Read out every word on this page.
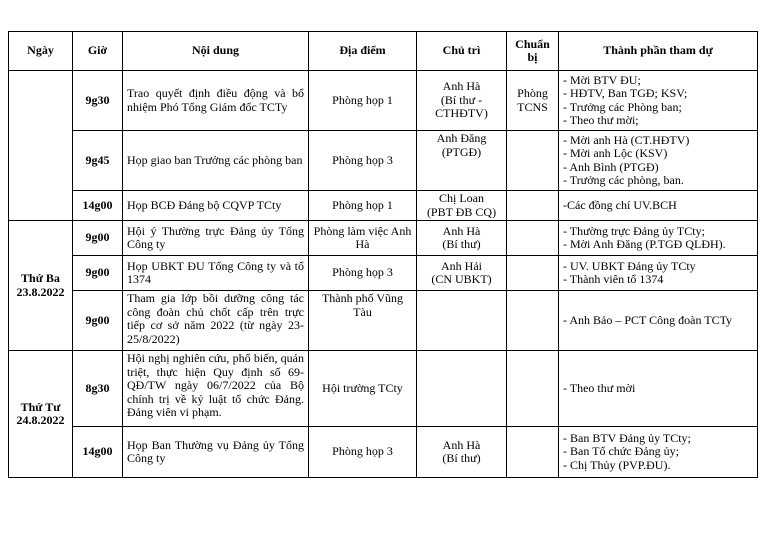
Ngày	Giờ	Nội dung	Địa điểm	Chủ trì	Chuẩn bị	Thành phần tham dự

	9g30	Trao quyết định điều động và bổ nhiệm Phó Tổng Giám đốc TCTy	Phòng họp 1	Anh Hà
(Bí thư -
CTHĐTV)	Phòng
TCNS	- Mời BTV ĐU;
- HĐTV, Ban TGĐ; KSV;
- Trưởng các Phòng ban;
- Theo thư mời;

	9g45	Họp giao ban Trưởng các phòng ban	Phòng họp 3	Anh Đăng
(PTGĐ)		- Mời anh Hà (CT.HĐTV)
- Mời anh Lộc (KSV)
- Anh Bình (PTGĐ)
- Trưởng các phòng, ban.

	14g00	Họp BCĐ Đảng bộ CQVP TCty	Phòng họp 1	Chị Loan
(PBT ĐB CQ)		-Các đồng chí UV.BCH

Thứ Ba
23.8.2022	9g00	Hội ý Thường trực Đảng ủy Tổng Công ty	Phòng làm việc Anh Hà	Anh Hà
(Bí thư)		- Thường trực Đảng ủy TCty;
- Mời Anh Đăng (P.TGĐ QLĐH).

	9g00	Họp UBKT ĐU Tổng Công ty và tổ 1374	Phòng họp 3	Anh Hải
(CN UBKT)		- UV. UBKT Đảng ủy TCty
- Thành viên tổ 1374

	9g00	Tham gia lớp bồi dưỡng công tác công đoàn chủ chốt cấp trên trực tiếp cơ sở năm 2022 (từ ngày 23-25/8/2022)	Thành phố Vũng Tàu			- Anh Bảo – PCT Công đoàn TCTy

Thứ Tư
24.8.2022	8g30	Hội nghị nghiên cứu, phổ biến, quán triệt, thực hiện Quy định số 69-QĐ/TW ngày 06/7/2022 của Bộ chính trị về kỷ luật tổ chức Đảng. Đảng viên vi phạm.	Hội trường TCty			- Theo thư mời

	14g00	Họp Ban Thường vụ Đảng ủy Tổng Công ty	Phòng họp 3	Anh Hà
(Bí thư)		- Ban BTV Đảng ủy TCty;
- Ban Tổ chức Đảng ủy;
- Chị Thủy (PVP.ĐU).
